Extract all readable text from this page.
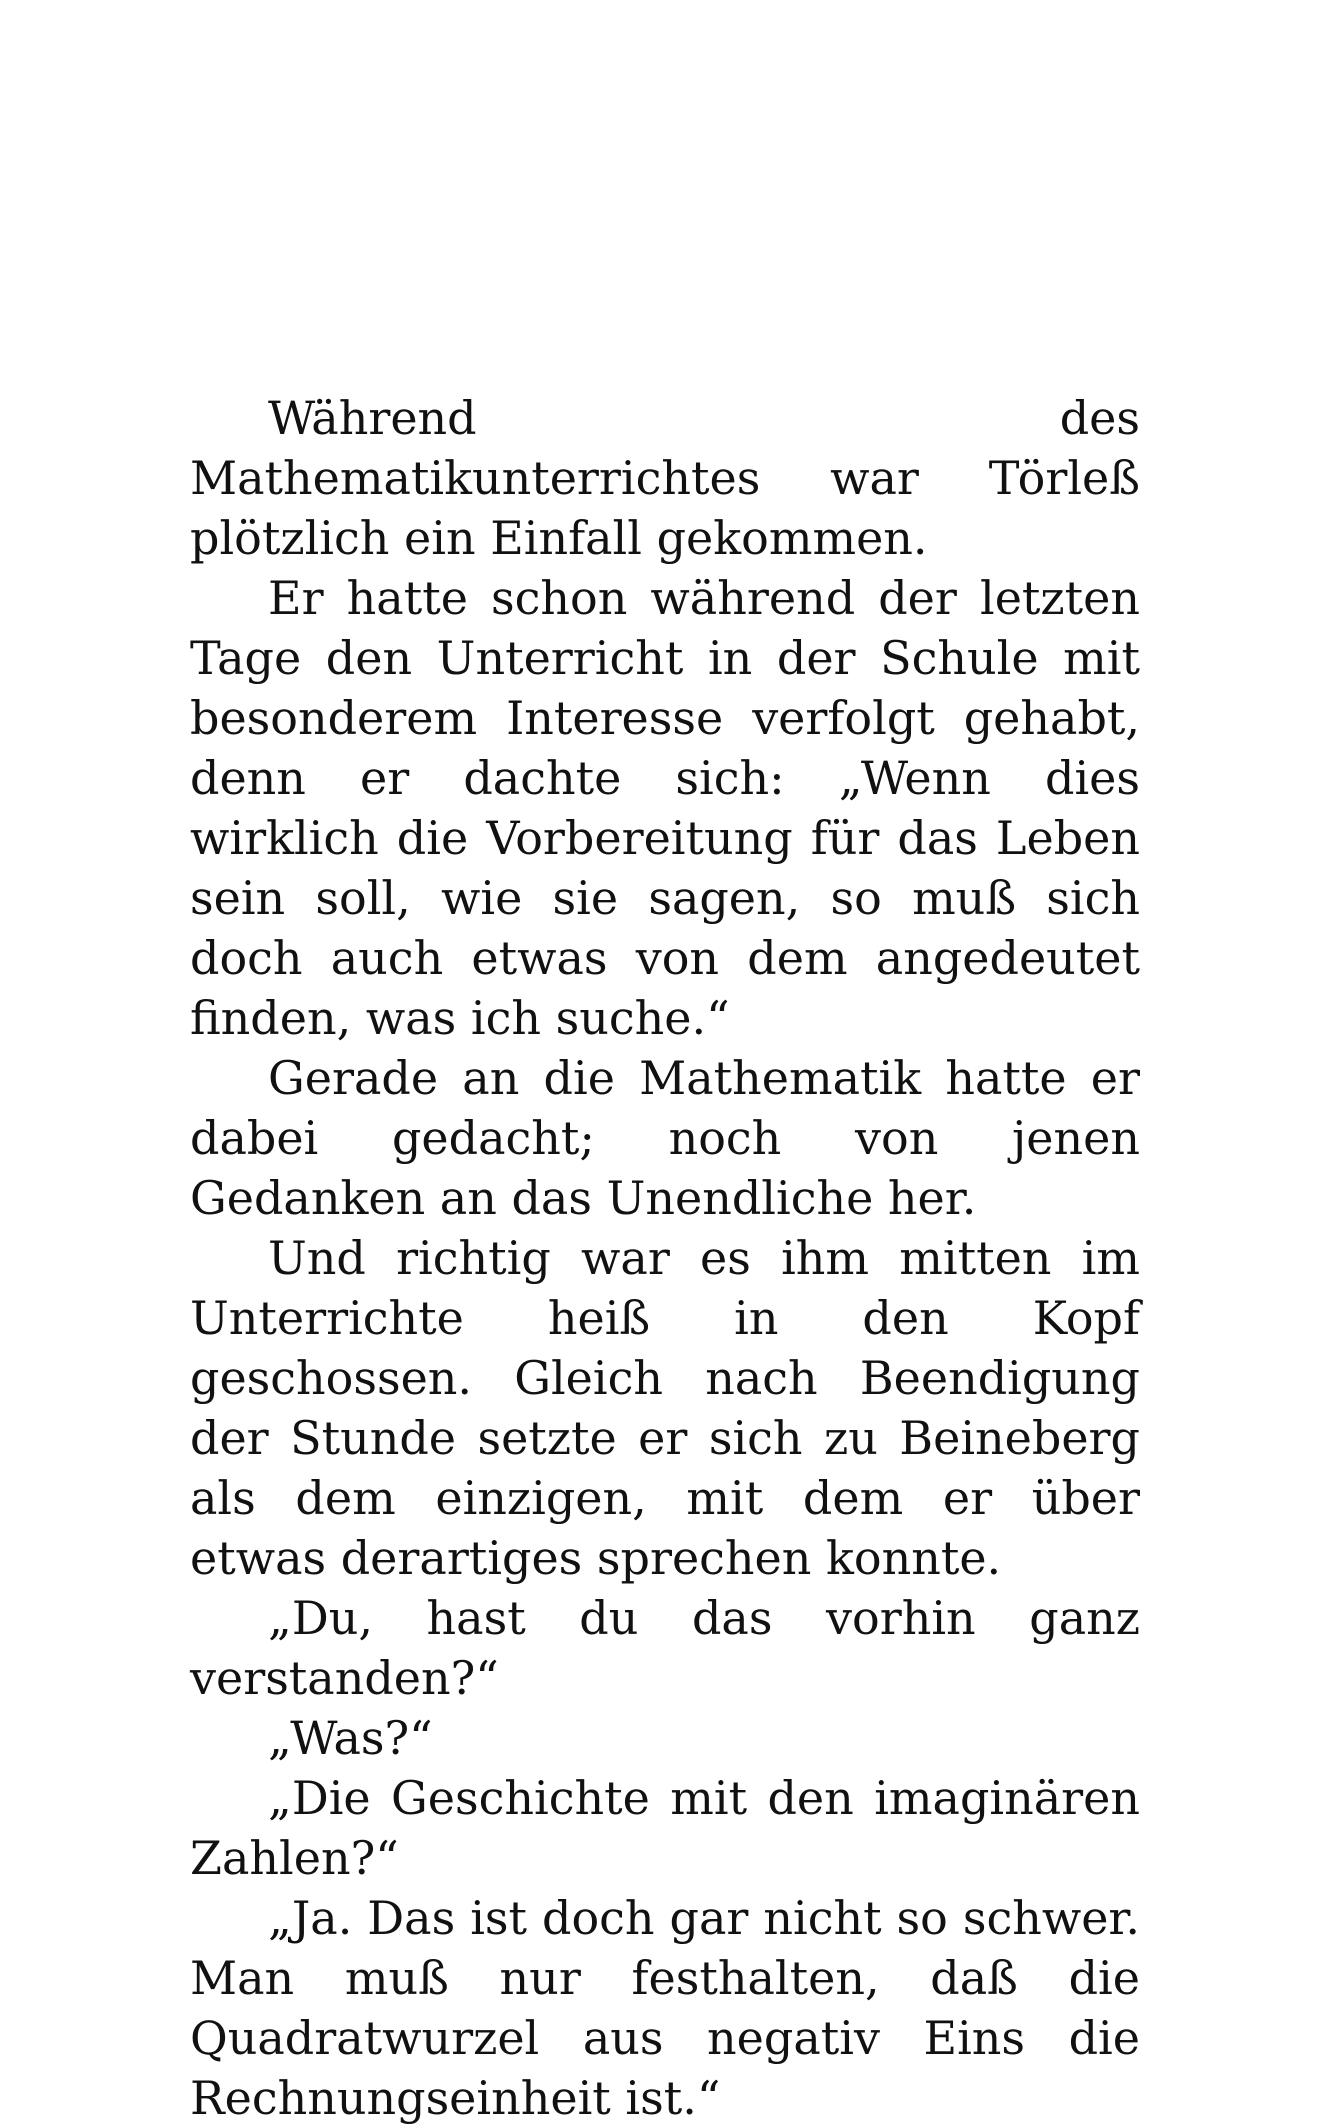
Während des Mathematikunterrichtes war Törleß plötzlich ein Einfall gekommen.

Er hatte schon während der letzten Tage den Unterricht in der Schule mit besonderem Interesse verfolgt gehabt, denn er dachte sich: „Wenn dies wirklich die Vorbereitung für das Leben sein soll, wie sie sagen, so muß sich doch auch etwas von dem angedeutet finden, was ich suche.“

Gerade an die Mathematik hatte er dabei gedacht; noch von jenen Gedanken an das Unendliche her.

Und richtig war es ihm mitten im Unterrichte heiß in den Kopf geschossen. Gleich nach Beendigung der Stunde setzte er sich zu Beineberg als dem einzigen, mit dem er über etwas derartiges sprechen konnte.

„Du, hast du das vorhin ganz verstanden?“

„Was?“

„Die Geschichte mit den imaginären Zahlen?“

„Ja. Das ist doch gar nicht so schwer. Man muß nur festhalten, daß die Quadratwurzel aus negativ Eins die Rechnungseinheit ist.“
